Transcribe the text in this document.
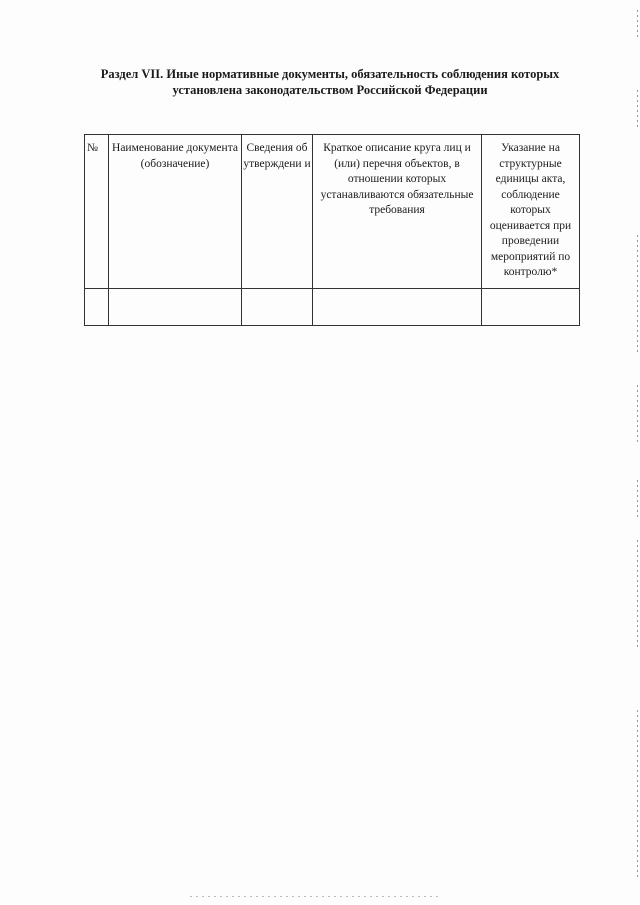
Раздел VII. Иные нормативные документы, обязательность соблюдения которых
установлена законодательством Российской Федерации
№	Наименование документа (обозначение)	Сведения об утверждени и	Краткое описание круга лиц и (или) перечня объектов, в отношении которых устанавливаются обязательные требования	Указание на структурные единицы акта, соблюдение которых оценивается при проведении мероприятий по контролю*
